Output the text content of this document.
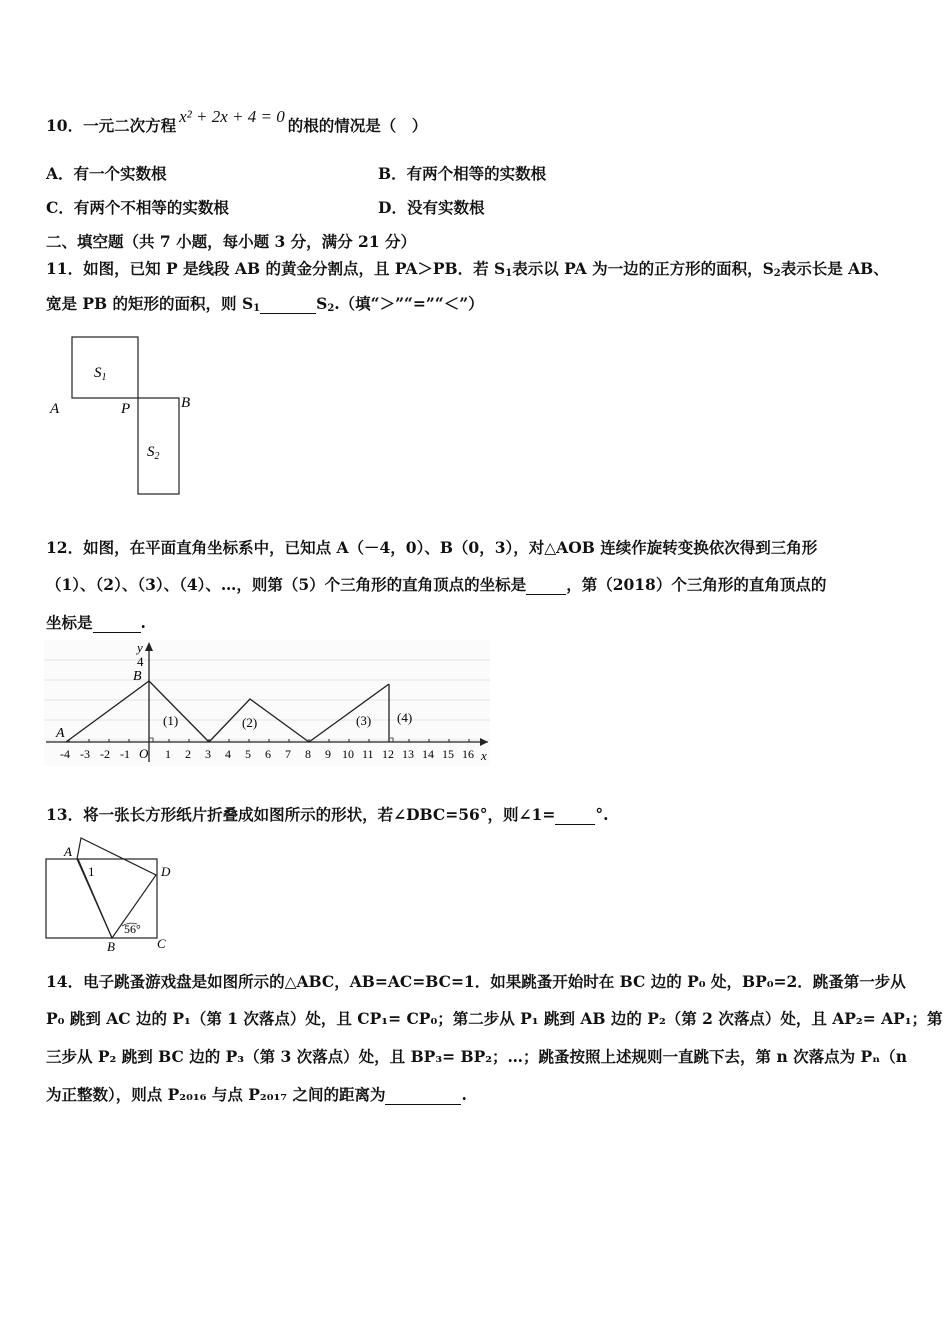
10．一元二次方程 x² + 2x + 4 = 0 的根的情况是（　）
A．有一个实数根	B．有两个相等的实数根
C．有两个不相等的实数根	D．没有实数根
二、填空题（共 7 小题，每小题 3 分，满分 21 分）
11．如图，已知 P 是线段 AB 的黄金分割点，且 PA＞PB．若 $S_1$表示以 PA 为一边的正方形的面积，$S_2$表示长是 AB、
宽是 PB 的矩形的面积，则 $S_1$	$S_2$.（填“＞”“=”“＜”）
$S_1$
$S_2$
A	P	B
12．如图，在平面直角坐标系中，已知点 A（－4，0）、B（0，3），对△AOB 连续作旋转变换依次得到三角形
（1）、（2）、（3）、（4）、…，则第（5）个三角形的直角顶点的坐标是	，第（2018）个三角形的直角顶点的
坐标是	.
y
x
4
B
A
O
-4 -3 -2 -1	1 2 3 4 5 6 7 8 9 10 11 12 13 14 15 16
(1)	(2)	(3) (4)
13．将一张长方形纸片折叠成如图所示的形状，若∠DBC=56°，则∠1=	°.
A
D
B	C
1
56°
14．电子跳蚤游戏盘是如图所示的△ABC，AB=AC=BC=1．如果跳蚤开始时在 BC 边的 P₀ 处，BP₀=2．跳蚤第一步从
P₀ 跳到 AC 边的 P₁（第 1 次落点）处，且 CP₁= CP₀；第二步从 P₁ 跳到 AB 边的 P₂（第 2 次落点）处，且 AP₂= AP₁；第
三步从 P₂ 跳到 BC 边的 P₃（第 3 次落点）处，且 BP₃= BP₂；…；跳蚤按照上述规则一直跳下去，第 n 次落点为 Pₙ（n
为正整数），则点 P₂₀₁₆ 与点 P₂₀₁₇ 之间的距离为	.
